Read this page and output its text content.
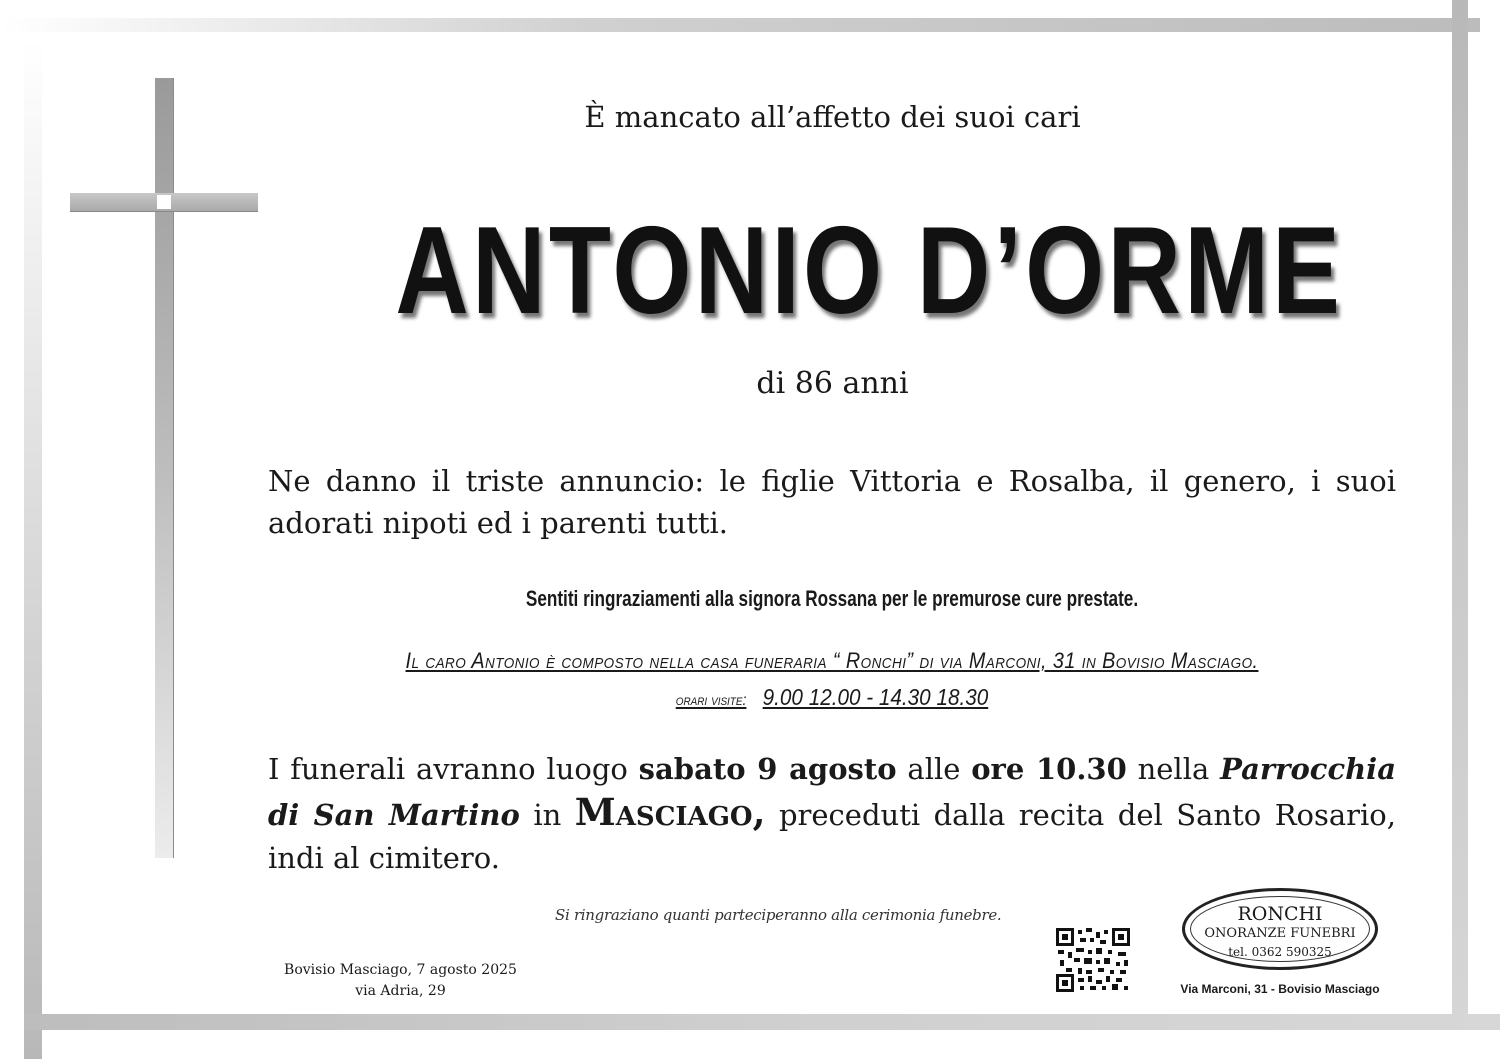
È mancato all’affetto dei suoi cari

ANTONIO D’ORME

di 86 anni

Ne danno il triste annuncio: le figlie Vittoria e Rosalba, il genero, i suoi adorati nipoti ed i parenti tutti.

Sentiti ringraziamenti alla signora Rossana per le premurose cure prestate.

Il caro Antonio è composto nella casa funeraria “ Ronchi” di via Marconi, 31 in Bovisio Masciago.

orari visite: 9.00 12.00 - 14.30 18.30

I funerali avranno luogo sabato 9 agosto alle ore 10.30 nella Parrocchia di San Martino in Masciago, preceduti dalla recita del Santo Rosario, indi al cimitero.

Si ringraziano quanti parteciperanno alla cerimonia funebre.

Bovisio Masciago, 7 agosto 2025
via Adria, 29
RONCHI
ONORANZE FUNEBRI
tel. 0362 590325

Via Marconi, 31 - Bovisio Masciago
